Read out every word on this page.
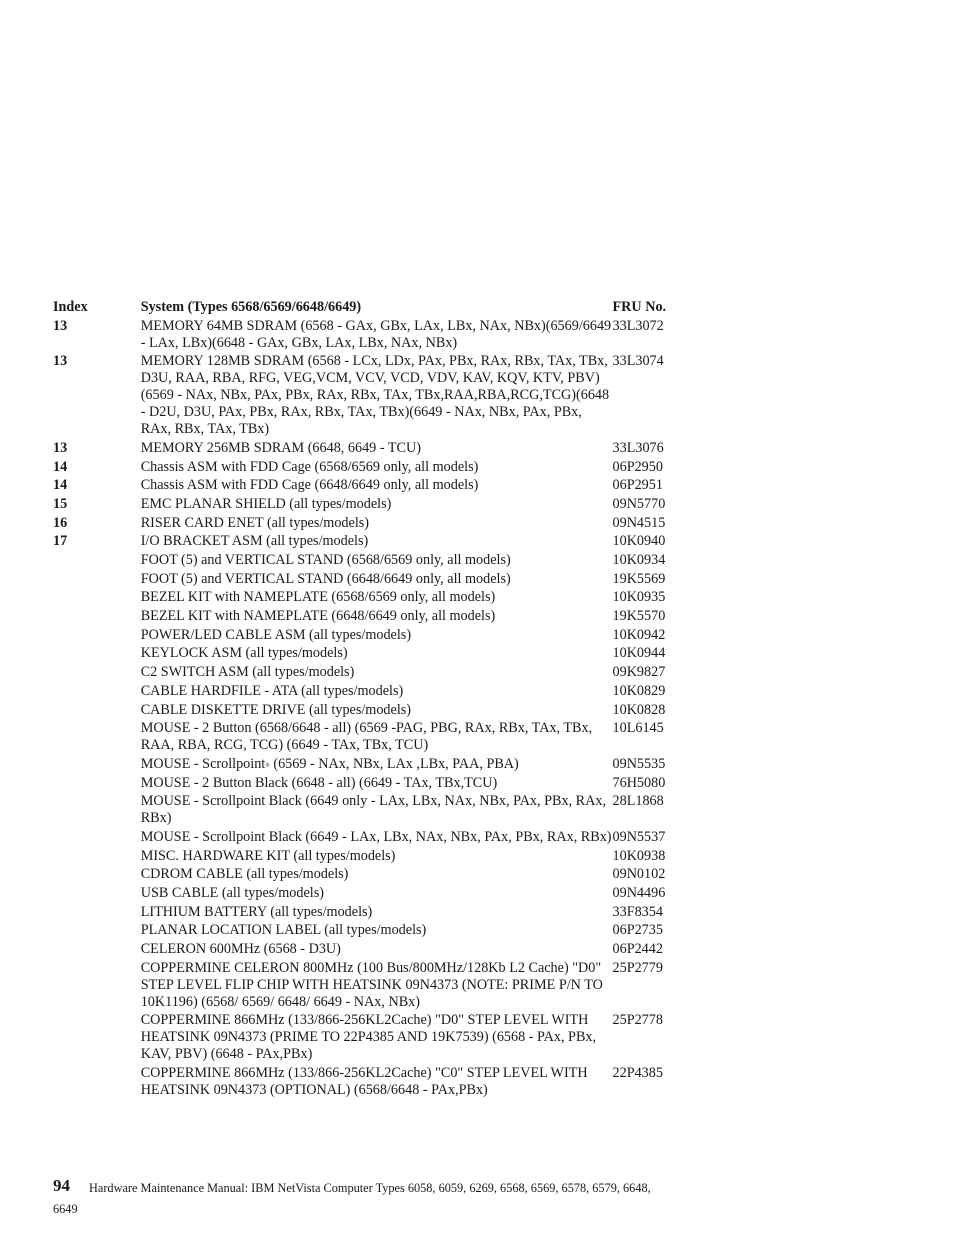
Index	System (Types 6568/6569/6648/6649)	FRU No.
13	MEMORY 64MB SDRAM (6568 - GAx, GBx, LAx, LBx, NAx, NBx)(6569/6649 - LAx, LBx)(6648 - GAx, GBx, LAx, LBx, NAx, NBx)	33L3072
13	MEMORY 128MB SDRAM (6568 - LCx, LDx, PAx, PBx, RAx, RBx, TAx, TBx, D3U, RAA, RBA, RFG, VEG,VCM, VCV, VCD, VDV, KAV, KQV, KTV, PBV)(6569 - NAx, NBx, PAx, PBx, RAx, RBx, TAx, TBx,RAA,RBA,RCG,TCG)(6648 - D2U, D3U, PAx, PBx, RAx, RBx, TAx, TBx)(6649 - NAx, NBx, PAx, PBx, RAx, RBx, TAx, TBx)	33L3074
13	MEMORY 256MB SDRAM (6648, 6649 - TCU)	33L3076
14	Chassis ASM with FDD Cage (6568/6569 only, all models)	06P2950
14	Chassis ASM with FDD Cage (6648/6649 only, all models)	06P2951
15	EMC PLANAR SHIELD (all types/models)	09N5770
16	RISER CARD ENET (all types/models)	09N4515
17	I/O BRACKET ASM (all types/models)	10K0940
	FOOT (5) and VERTICAL STAND (6568/6569 only, all models)	10K0934
	FOOT (5) and VERTICAL STAND (6648/6649 only, all models)	19K5569
	BEZEL KIT with NAMEPLATE (6568/6569 only, all models)	10K0935
	BEZEL KIT with NAMEPLATE (6648/6649 only, all models)	19K5570
	POWER/LED CABLE ASM (all types/models)	10K0942
	KEYLOCK ASM (all types/models)	10K0944
	C2 SWITCH ASM (all types/models)	09K9827
	CABLE HARDFILE - ATA (all types/models)	10K0829
	CABLE DISKETTE DRIVE (all types/models)	10K0828
	MOUSE - 2 Button (6568/6648 - all) (6569 -PAG, PBG, RAx, RBx, TAx, TBx, RAA, RBA, RCG, TCG) (6649 - TAx, TBx, TCU)	10L6145
	MOUSE - Scrollpoint® (6569 - NAx, NBx, LAx ,LBx, PAA, PBA)	09N5535
	MOUSE - 2 Button Black (6648 - all) (6649 - TAx, TBx,TCU)	76H5080
	MOUSE - Scrollpoint Black (6649 only - LAx, LBx, NAx, NBx, PAx, PBx, RAx, RBx)	28L1868
	MOUSE - Scrollpoint Black (6649 - LAx, LBx, NAx, NBx, PAx, PBx, RAx, RBx)	09N5537
	MISC. HARDWARE KIT (all types/models)	10K0938
	CDROM CABLE (all types/models)	09N0102
	USB CABLE (all types/models)	09N4496
	LITHIUM BATTERY (all types/models)	33F8354
	PLANAR LOCATION LABEL (all types/models)	06P2735
	CELERON 600MHz (6568 - D3U)	06P2442
	COPPERMINE CELERON 800MHz (100 Bus/800MHz/128Kb L2 Cache) "D0" STEP LEVEL FLIP CHIP WITH HEATSINK 09N4373 (NOTE: PRIME P/N TO 10K1196) (6568/ 6569/ 6648/ 6649 - NAx, NBx)	25P2779
	COPPERMINE 866MHz (133/866-256KL2Cache) "D0" STEP LEVEL WITH HEATSINK 09N4373 (PRIME TO 22P4385 AND 19K7539) (6568 - PAx, PBx, KAV, PBV) (6648 - PAx,PBx)	25P2778
	COPPERMINE 866MHz (133/866-256KL2Cache) "C0" STEP LEVEL WITH HEATSINK 09N4373 (OPTIONAL) (6568/6648 - PAx,PBx)	22P4385
94 Hardware Maintenance Manual: IBM NetVista Computer Types 6058, 6059, 6269, 6568, 6569, 6578, 6579, 6648,
6649
